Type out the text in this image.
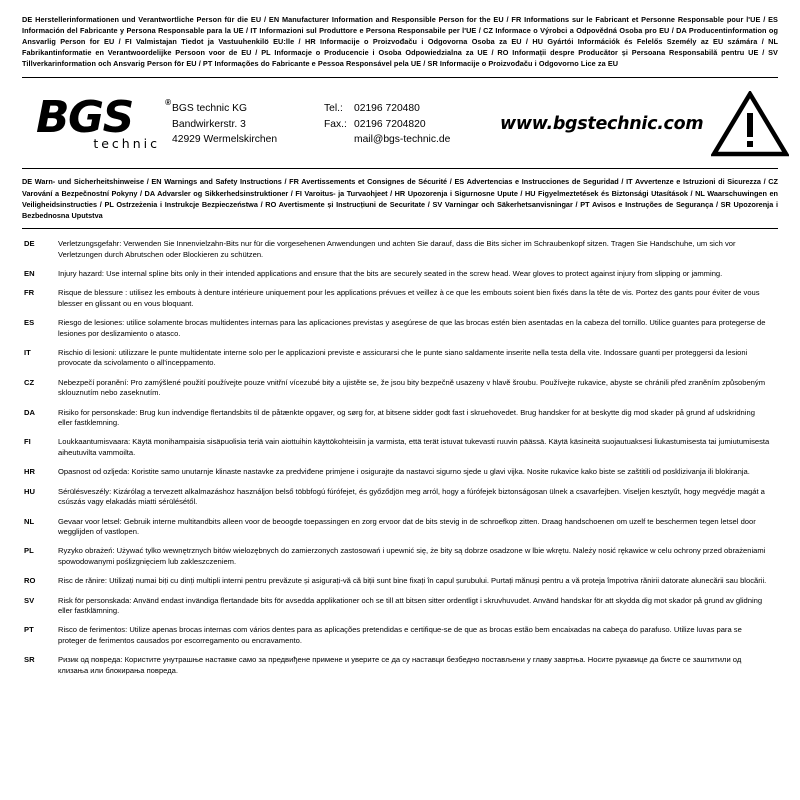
DE Herstellerinformationen und Verantwortliche Person für die EU / EN Manufacturer Information and Responsible Person for the EU / FR Informations sur le Fabricant et Personne Responsable pour l'UE / ES Información del Fabricante y Persona Responsable para la UE / IT Informazioni sul Produttore e Persona Responsabile per l'UE / CZ Informace o Výrobci a Odpovědná Osoba pro EU / DA Producentinformation og Ansvarlig Person for EU / FI Valmistajan Tiedot ja Vastuuhenkilö EU:lle / HR Informacije o Proizvođaču i Odgovorna Osoba za EU / HU Gyártói Információk és Felelős Személy az EU számára / NL Fabrikantinformatie en Verantwoordelijke Persoon voor de EU / PL Informacje o Producencie i Osoba Odpowiedzialna za UE / RO Informații despre Producător și Persoana Responsabilă pentru UE / SV Tillverkarinformation och Ansvarig Person för EU / PT Informações do Fabricante e Pessoa Responsável pela UE / SR Informacije o Proizvođaču i Odgovorno Lice za EU

BGS	®
technic
BGS technic KG
Bandwirkerstr. 3
42929 Wermelskirchen
Tel.: 02196 720480
Fax.: 02196 7204820
mail@bgs-technic.de
www.bgstechnic.com

DE Warn- und Sicherheitshinweise / EN Warnings and Safety Instructions / FR Avertissements et Consignes de Sécurité / ES Advertencias e Instrucciones de Seguridad / IT Avvertenze e Istruzioni di Sicurezza / CZ Varování a Bezpečnostní Pokyny / DA Advarsler og Sikkerhedsinstruktioner / FI Varoitus- ja Turvaohjeet / HR Upozorenja i Sigurnosne Upute / HU Figyelmeztetések és Biztonsági Utasítások / NL Waarschuwingen en Veiligheidsinstructies / PL Ostrzeżenia i Instrukcje Bezpieczeństwa / RO Avertismente și Instrucțiuni de Securitate / SV Varningar och Säkerhetsanvisningar / PT Avisos e Instruções de Segurança / SR Upozorenja i Bezbednosna Uputstva

DE	Verletzungsgefahr: Verwenden Sie Innenvielzahn-Bits nur für die vorgesehenen Anwendungen und achten Sie darauf, dass die Bits sicher im Schraubenkopf sitzen. Tragen Sie Handschuhe, um sich vor Verletzungen durch Abrutschen oder Blockieren zu schützen.
EN	Injury hazard: Use internal spline bits only in their intended applications and ensure that the bits are securely seated in the screw head. Wear gloves to protect against injury from slipping or jamming.
FR	Risque de blessure : utilisez les embouts à denture intérieure uniquement pour les applications prévues et veillez à ce que les embouts soient bien fixés dans la tête de vis. Portez des gants pour éviter de vous blesser en glissant ou en vous bloquant.
ES	Riesgo de lesiones: utilice solamente brocas multidentes internas para las aplicaciones previstas y asegúrese de que las brocas estén bien asentadas en la cabeza del tornillo. Utilice guantes para protegerse de lesiones por deslizamiento o atasco.
IT	Rischio di lesioni: utilizzare le punte multidentate interne solo per le applicazioni previste e assicurarsi che le punte siano saldamente inserite nella testa della vite. Indossare guanti per proteggersi da lesioni provocate da scivolamento o all'inceppamento.
CZ	Nebezpečí poranění: Pro zamýšlené použití používejte pouze vnitřní vícezubé bity a ujistěte se, že jsou bity bezpečně usazeny v hlavě šroubu. Používejte rukavice, abyste se chránili před zraněním způsobeným sklouznutím nebo zaseknutím.
DA	Risiko for personskade: Brug kun indvendige flertandsbits til de påtænkte opgaver, og sørg for, at bitsene sidder godt fast i skruehovedet. Brug handsker for at beskytte dig mod skader på grund af udskridning eller fastklemning.
FI	Loukkaantumisvaara: Käytä monihampaisia sisäpuolisia teriä vain aiottuihin käyttökohteisiin ja varmista, että terät istuvat tukevasti ruuvin päässä. Käytä käsineitä suojautuaksesi liukastumisesta tai jumiutumisesta aiheutuvilta vammoilta.
HR	Opasnost od ozljeda: Koristite samo unutarnje klinaste nastavke za predviđene primjene i osigurajte da nastavci sigurno sjede u glavi vijka. Nosite rukavice kako biste se zaštitili od posklizivanja ili blokiranja.
HU	Sérülésveszély: Kizárólag a tervezett alkalmazáshoz használjon belső többfogú fúrófejet, és győződjön meg arról, hogy a fúrófejek biztonságosan ülnek a csavarfejben. Viseljen kesztyűt, hogy megvédje magát a csúszás vagy elakadás miatti sérülésétől.
NL	Gevaar voor letsel: Gebruik interne multitandbits alleen voor de beoogde toepassingen en zorg ervoor dat de bits stevig in de schroefkop zitten. Draag handschoenen om uzelf te beschermen tegen letsel door wegglijden of vastlopen.
PL	Ryzyko obrażeń: Używać tylko wewnętrznych bitów wielozębnych do zamierzonych zastosowań i upewnić się, że bity są dobrze osadzone w lbie wkrętu. Należy nosić rękawice w celu ochrony przed obrażeniami spowodowanymi poślizgnięciem lub zakleszczeniem.
RO	Risc de rănire: Utilizați numai biți cu dinți multipli interni pentru prevăzute și asigurați-vă că biții sunt bine fixați în capul șurubului. Purtați mănuși pentru a vă proteja împotriva rănirii datorate alunecării sau blocării.
SV	Risk för personskada: Använd endast invändiga flertandade bits för avsedda applikationer och se till att bitsen sitter ordentligt i skruvhuvudet. Använd handskar för att skydda dig mot skador på grund av glidning eller fastklämning.
PT	Risco de ferimentos: Utilize apenas brocas internas com vários dentes para as aplicações pretendidas e certifique-se de que as brocas estão bem encaixadas na cabeça do parafuso. Utilize luvas para se proteger de ferimentos causados por escorregamento ou encravamento.
SR	Ризик од повреда: Користите унутрашње наставке само за предвиђене примене и уверите се да су наставци безбедно постављени у главу завртња. Носите рукавице да бисте се заштитили од клизања или блокирања повреда.
